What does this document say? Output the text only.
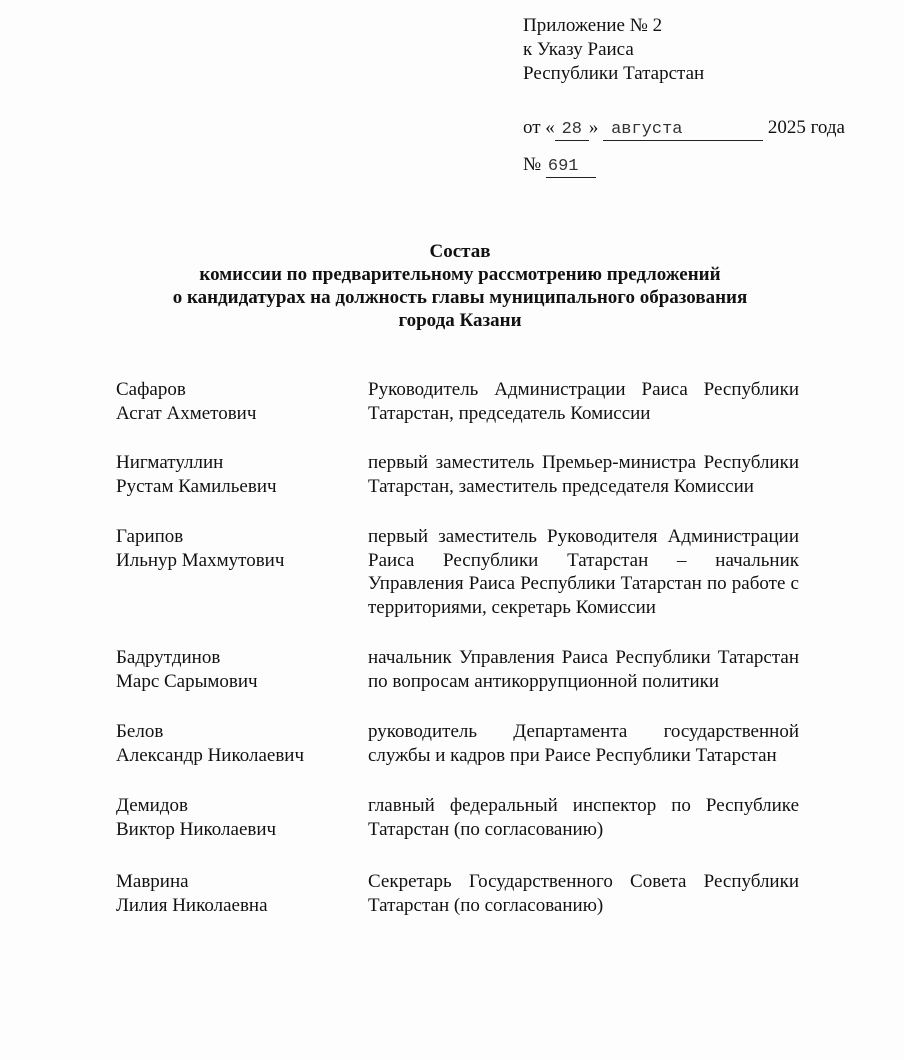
Приложение № 2
к Указу Раиса
Республики Татарстан
от « 28 » августа	2025 года
№ 691
Состав
комиссии по предварительному рассмотрению предложений
о кандидатурах на должность главы муниципального образования
города Казани
Сафаров
Асгат Ахметович
Руководитель Администрации Раиса Республики Татарстан, председатель Комиссии
Нигматуллин
Рустам Камильевич
первый заместитель Премьер-министра Республики Татарстан, заместитель председателя Комиссии
Гарипов
Ильнур Махмутович
первый заместитель Руководителя Администрации Раиса Республики Татарстан – начальник Управления Раиса Республики Татарстан по работе с территориями, секретарь Комиссии
Бадрутдинов
Марс Сарымович
начальник Управления Раиса Республики Татарстан по вопросам антикоррупционной политики
Белов
Александр Николаевич
руководитель Департамента государственной службы и кадров при Раисе Республики Татарстан
Демидов
Виктор Николаевич
главный федеральный инспектор по Республике Татарстан (по согласованию)
Маврина
Лилия Николаевна
Секретарь Государственного Совета Республики Татарстан (по согласованию)
